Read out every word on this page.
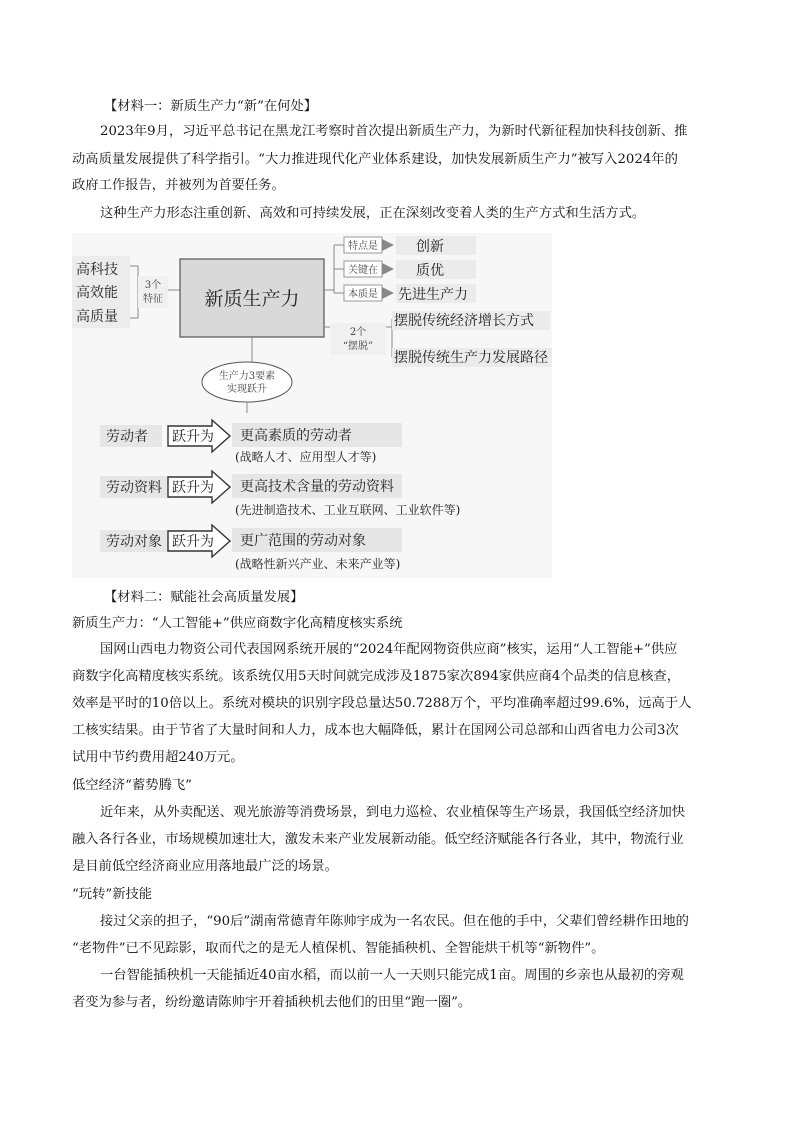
【材料一：新质生产力“新”在何处】
2023年9月，习近平总书记在黑龙江考察时首次提出新质生产力，为新时代新征程加快科技创新、推
动高质量发展提供了科学指引。“大力推进现代化产业体系建设，加快发展新质生产力”被写入2024年的
政府工作报告，并被列为首要任务。
这种生产力形态注重创新、高效和可持续发展，正在深刻改变着人类的生产方式和生活方式。
高科技
高效能
高质量
3个
特征 新质生产力
特点是	创新
关键在	质优
本质是 先进生产力
2个
“摆脱”
摆脱传统经济增长方式
摆脱传统生产力发展路径
生产力3要素
实现跃升
劳动者 跃升为 更高素质的劳动者
(战略人才、应用型人才等)
劳动资料 跃升为 更高技术含量的劳动资料
(先进制造技术、工业互联网、工业软件等)
劳动对象 跃升为 更广范围的劳动对象
(战略性新兴产业、未来产业等)
【材料二：赋能社会高质量发展】
新质生产力：“人工智能+”供应商数字化高精度核实系统
国网山西电力物资公司代表国网系统开展的“2024年配网物资供应商”核实，运用“人工智能+”供应
商数字化高精度核实系统。该系统仅用5天时间就完成涉及1875家次894家供应商4个品类的信息核查，
效率是平时的10倍以上。系统对模块的识别字段总量达50.7288万个，平均准确率超过99.6%，远高于人
工核实结果。由于节省了大量时间和人力，成本也大幅降低，累计在国网公司总部和山西省电力公司3次
试用中节约费用超240万元。
低空经济“蓄势腾飞”
近年来，从外卖配送、观光旅游等消费场景，到电力巡检、农业植保等生产场景，我国低空经济加快
融入各行各业，市场规模加速壮大，激发未来产业发展新动能。低空经济赋能各行各业，其中，物流行业
是目前低空经济商业应用落地最广泛的场景。
“玩转”新技能
接过父亲的担子，“90后”湖南常德青年陈帅宇成为一名农民。但在他的手中，父辈们曾经耕作田地的
“老物件”已不见踪影，取而代之的是无人植保机、智能插秧机、全智能烘干机等“新物件”。
一台智能插秧机一天能插近40亩水稻，而以前一人一天则只能完成1亩。周围的乡亲也从最初的旁观
者变为参与者，纷纷邀请陈帅宇开着插秧机去他们的田里“跑一圈”。
